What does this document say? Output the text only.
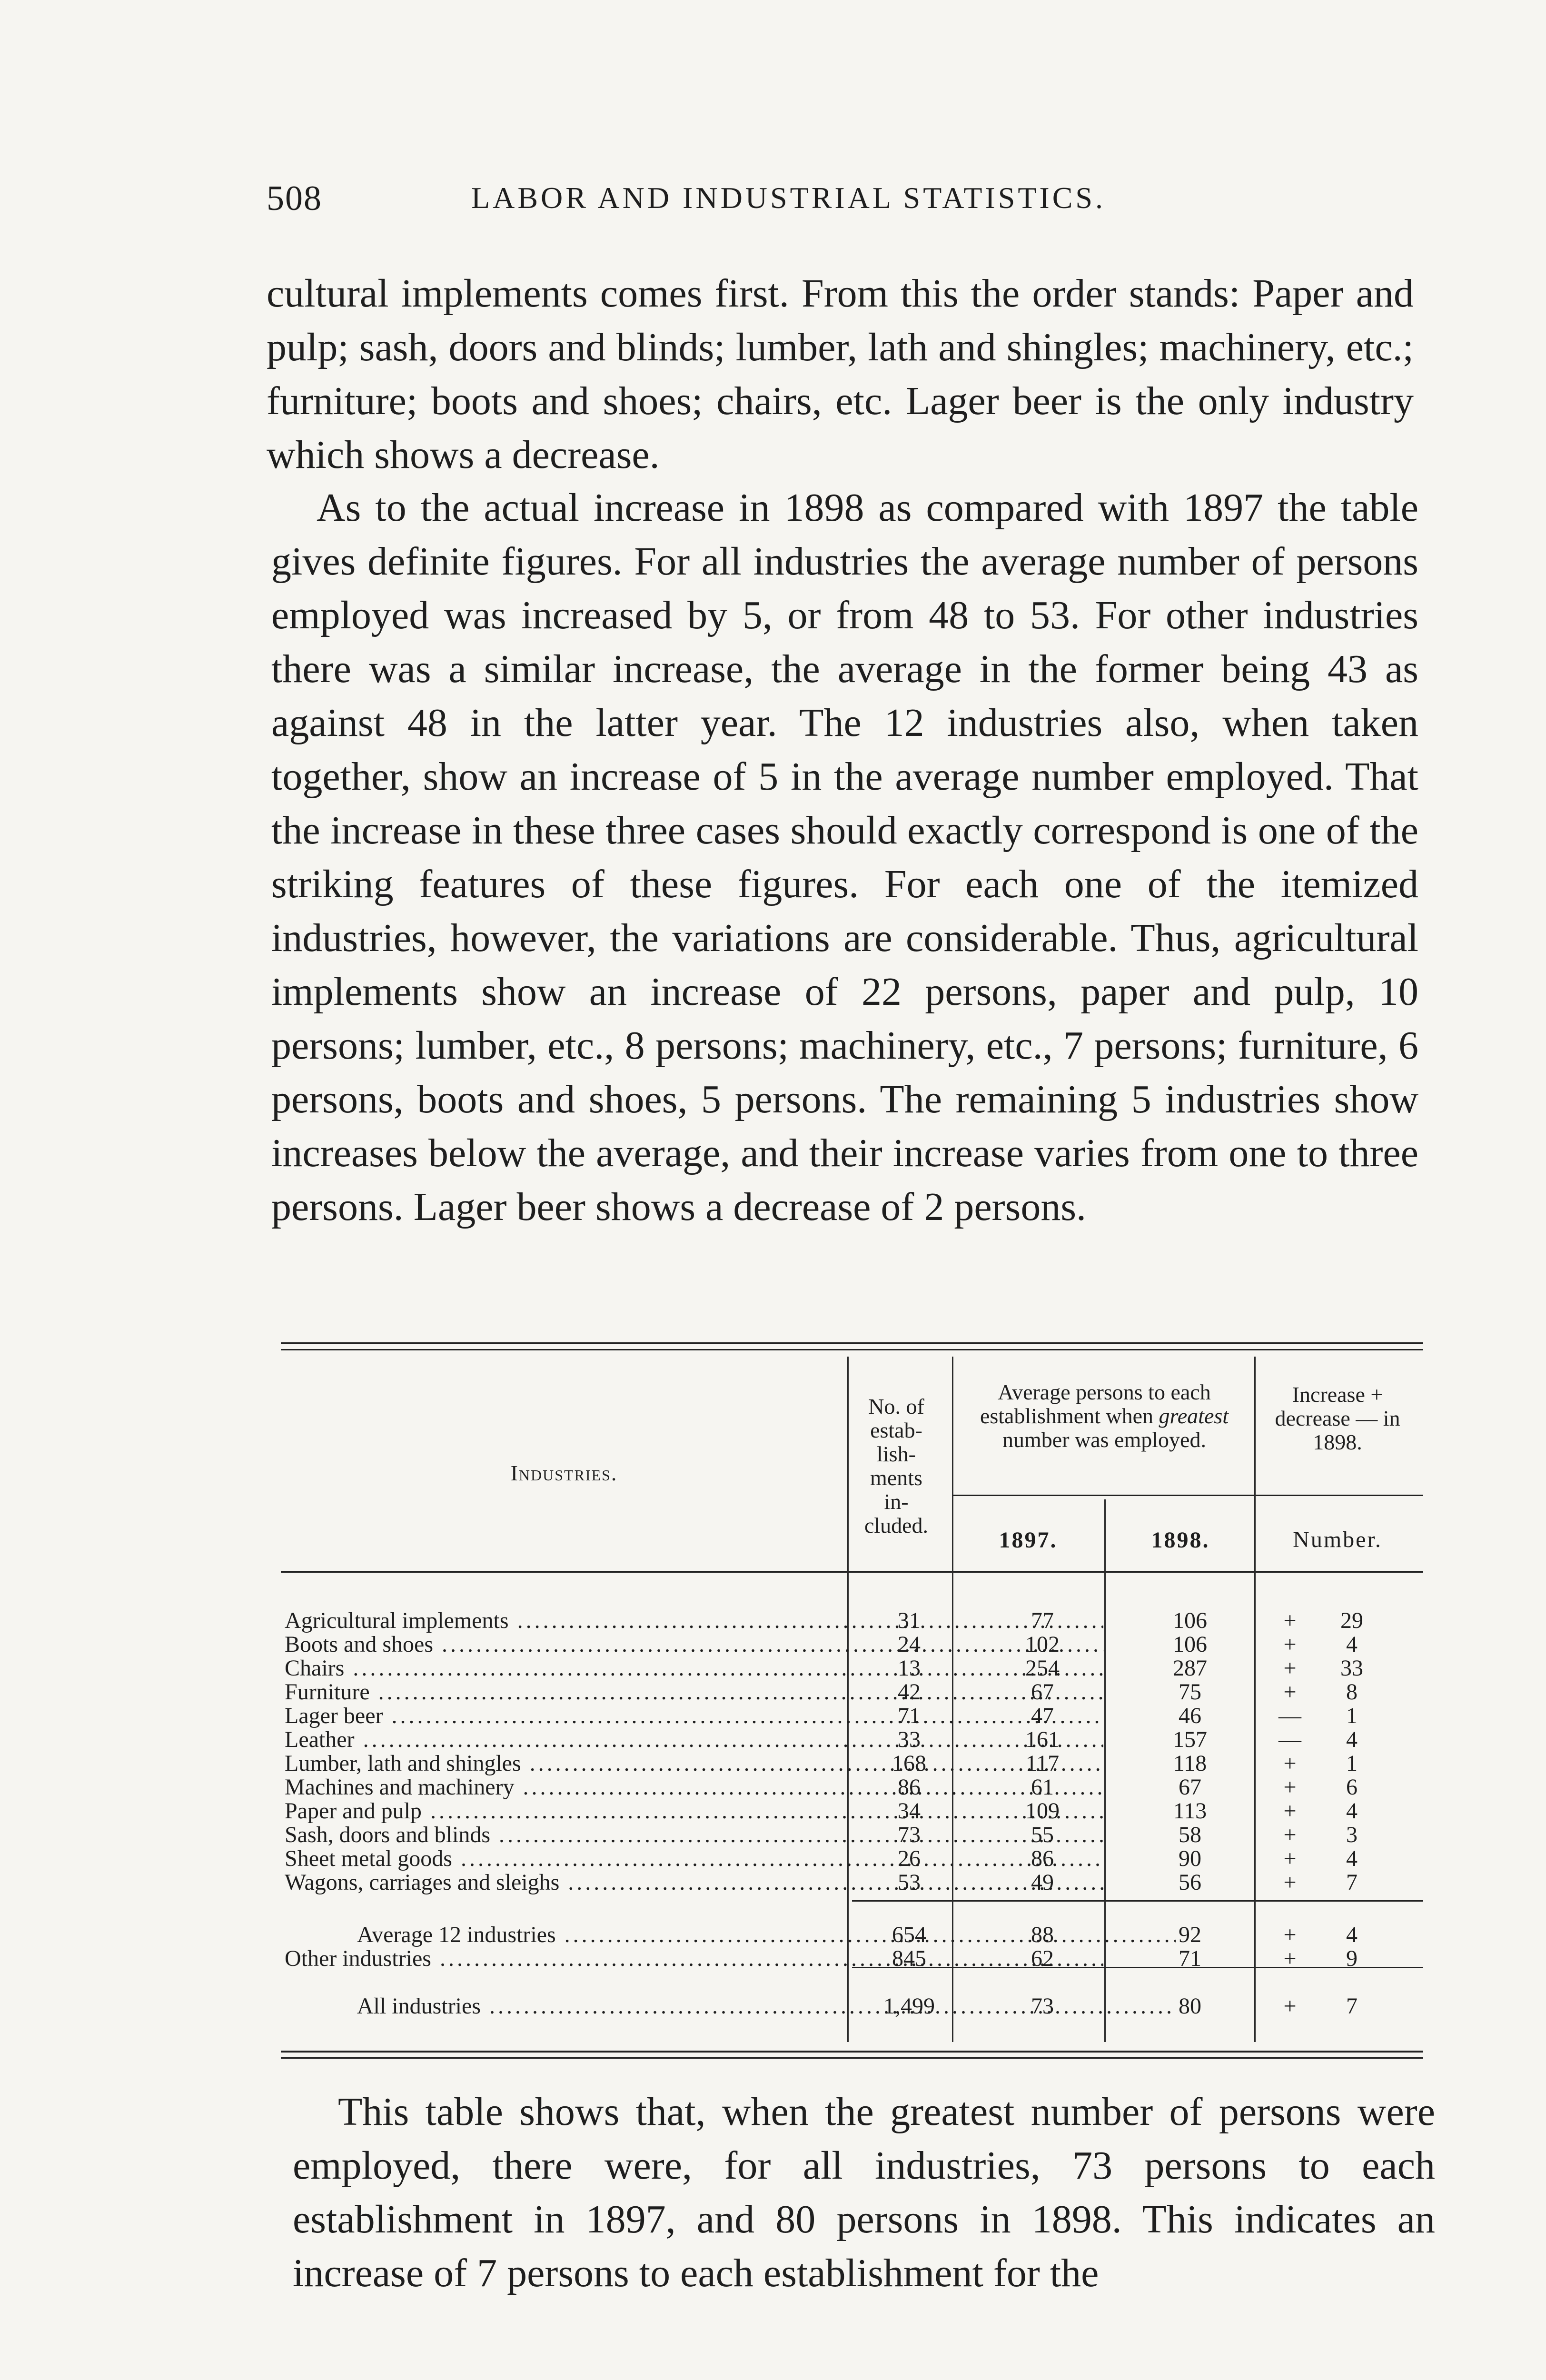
508	LABOR AND INDUSTRIAL STATISTICS.

cultural implements comes first. From this the order stands: Paper and pulp; sash, doors and blinds; lumber, lath and shingles; machinery, etc.; furniture; boots and shoes; chairs, etc. Lager beer is the only industry which shows a decrease.

As to the actual increase in 1898 as compared with 1897 the table gives definite figures. For all industries the average number of persons employed was increased by 5, or from 48 to 53. For other industries there was a similar increase, the average in the former being 43 as against 48 in the latter year. The 12 industries also, when taken together, show an increase of 5 in the average number employed. That the increase in these three cases should exactly correspond is one of the striking features of these figures. For each one of the itemized industries, however, the variations are considerable. Thus, agricultural implements show an increase of 22 persons, paper and pulp, 10 persons; lumber, etc., 8 persons; machinery, etc., 7 persons; furniture, 6 persons, boots and shoes, 5 persons. The remaining 5 industries show increases below the average, and their increase varies from one to three persons. Lager beer shows a decrease of 2 persons.

Industries.
No. of estab-lish-ments in-cluded.
Average persons to each establishment when greatest number was employed.
Increase + decrease — in 1898.
1897.	1898.	Number.
Agricultural implements .....	31	77	106	+	29
Boots and shoes .....	24	102	106	+	4
Chairs .....	13	254	287	+	33
Furniture .....	42	67	75	+	8
Lager beer .....	71	47	46	—	1
Leather .....	33	161	157	—	4
Lumber, lath and shingles .....	168	117	118	+	1
Machines and machinery .....	86	61	67	+	6
Paper and pulp .....	34	109	113	+	4
Sash, doors and blinds .....	73	55	58	+	3
Sheet metal goods .....	26	86	90	+	4
Wagons, carriages and sleighs .....	53	49	56	+	7
Average 12 industries .....	654	88	92	+	4
Other industries .....	845	62	71	+	9
All industries .....	1,499	73	80	+	7

This table shows that, when the greatest number of persons were employed, there were, for all industries, 73 persons to each establishment in 1897, and 80 persons in 1898. This indicates an increase of 7 persons to each establishment for the
